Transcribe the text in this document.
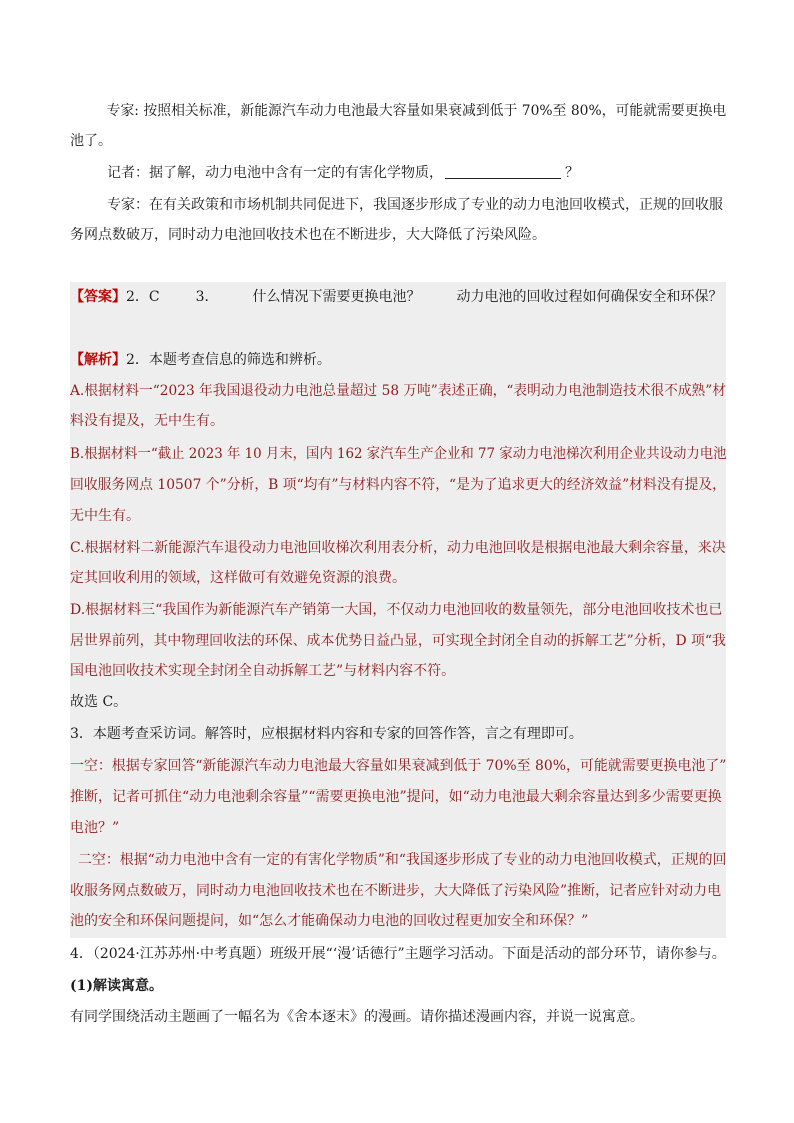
专家: 按照相关标准，新能源汽车动力电池最大容量如果衰减到低于 70%至 80%，可能就需要更换电
池了。
记者：据了解，动力电池中含有一定的有害化学物质，	？
专家：在有关政策和市场机制共同促进下，我国逐步形成了专业的动力电池回收模式，正规的回收服
务网点数破万，同时动力电池回收技术也在不断进步，大大降低了污染风险。
【答案】2．C	3． 什么情况下需要更换电池？	动力电池的回收过程如何确保安全和环保？
【解析】2．本题考查信息的筛选和辨析。
A.根据材料一“2023 年我国退役动力电池总量超过 58 万吨”表述正确，“表明动力电池制造技术很不成熟”材
料没有提及，无中生有。
B.根据材料一“截止 2023 年 10 月末，国内 162 家汽车生产企业和 77 家动力电池梯次利用企业共设动力电池
回收服务网点 10507 个”分析，B 项“均有”与材料内容不符，“是为了追求更大的经济效益”材料没有提及，
无中生有。
C.根据材料二新能源汽车退役动力电池回收梯次利用表分析，动力电池回收是根据电池最大剩余容量，来决
定其回收利用的领域，这样做可有效避免资源的浪费。
D.根据材料三“我国作为新能源汽车产销第一大国，不仅动力电池回收的数量领先，部分电池回收技术也已
居世界前列，其中物理回收法的环保、成本优势日益凸显，可实现全封闭全自动的拆解工艺”分析，D 项“我
国电池回收技术实现全封闭全自动拆解工艺”与材料内容不符。
故选 C。
3．本题考查采访词。解答时，应根据材料内容和专家的回答作答，言之有理即可。
一空：根据专家回答“新能源汽车动力电池最大容量如果衰减到低于 70%至 80%，可能就需要更换电池了”
推断，记者可抓住“动力电池剩余容量”“需要更换电池”提问，如“动力电池最大剩余容量达到多少需要更换
电池？”
二空：根据“动力电池中含有一定的有害化学物质”和“我国逐步形成了专业的动力电池回收模式，正规的回
收服务网点数破万，同时动力电池回收技术也在不断进步，大大降低了污染风险”推断，记者应针对动力电
池的安全和环保问题提问，如“怎么才能确保动力电池的回收过程更加安全和环保？”
4．（2024·江苏苏州·中考真题）班级开展“‘漫’话德行”主题学习活动。下面是活动的部分环节，请你参与。
(1)解读寓意。
有同学围绕活动主题画了一幅名为《舍本逐末》的漫画。请你描述漫画内容，并说一说寓意。
